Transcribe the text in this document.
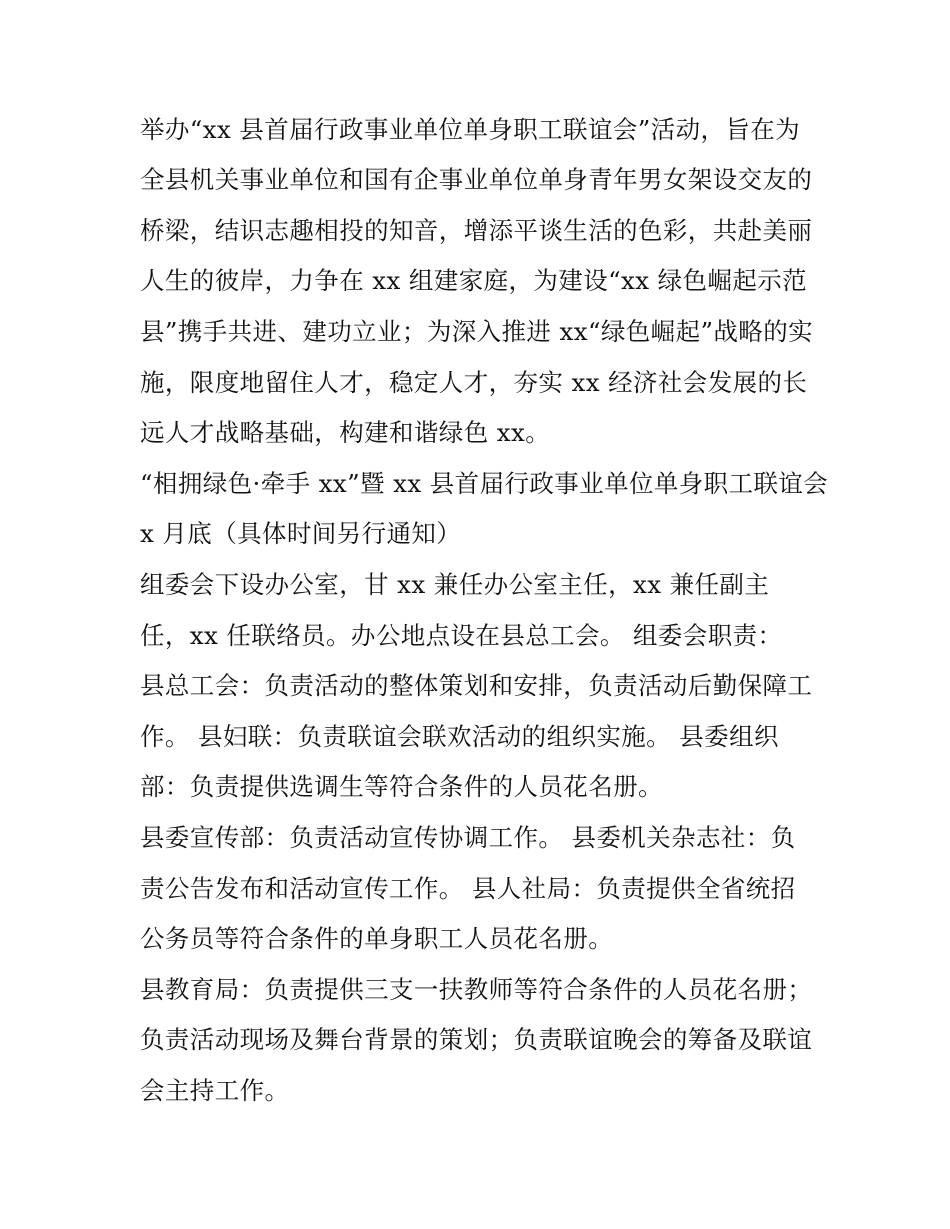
举办“xx 县首届行政事业单位单身职工联谊会”活动，旨在为
全县机关事业单位和国有企事业单位单身青年男女架设交友的
桥梁，结识志趣相投的知音，增添平谈生活的色彩，共赴美丽
人生的彼岸，力争在 xx 组建家庭，为建设“xx 绿色崛起示范
县”携手共进、建功立业；为深入推进 xx“绿色崛起”战略的实
施，限度地留住人才，稳定人才，夯实 xx 经济社会发展的长
远人才战略基础，构建和谐绿色 xx。
“相拥绿色·牵手 xx”暨 xx 县首届行政事业单位单身职工联谊会
x 月底（具体时间另行通知）
组委会下设办公室，甘 xx 兼任办公室主任，xx 兼任副主
任，xx 任联络员。办公地点设在县总工会。 组委会职责：
县总工会：负责活动的整体策划和安排，负责活动后勤保障工
作。 县妇联：负责联谊会联欢活动的组织实施。 县委组织
部：负责提供选调生等符合条件的人员花名册。
县委宣传部：负责活动宣传协调工作。 县委机关杂志社：负
责公告发布和活动宣传工作。 县人社局：负责提供全省统招
公务员等符合条件的单身职工人员花名册。
县教育局：负责提供三支一扶教师等符合条件的人员花名册；
负责活动现场及舞台背景的策划；负责联谊晚会的筹备及联谊
会主持工作。
